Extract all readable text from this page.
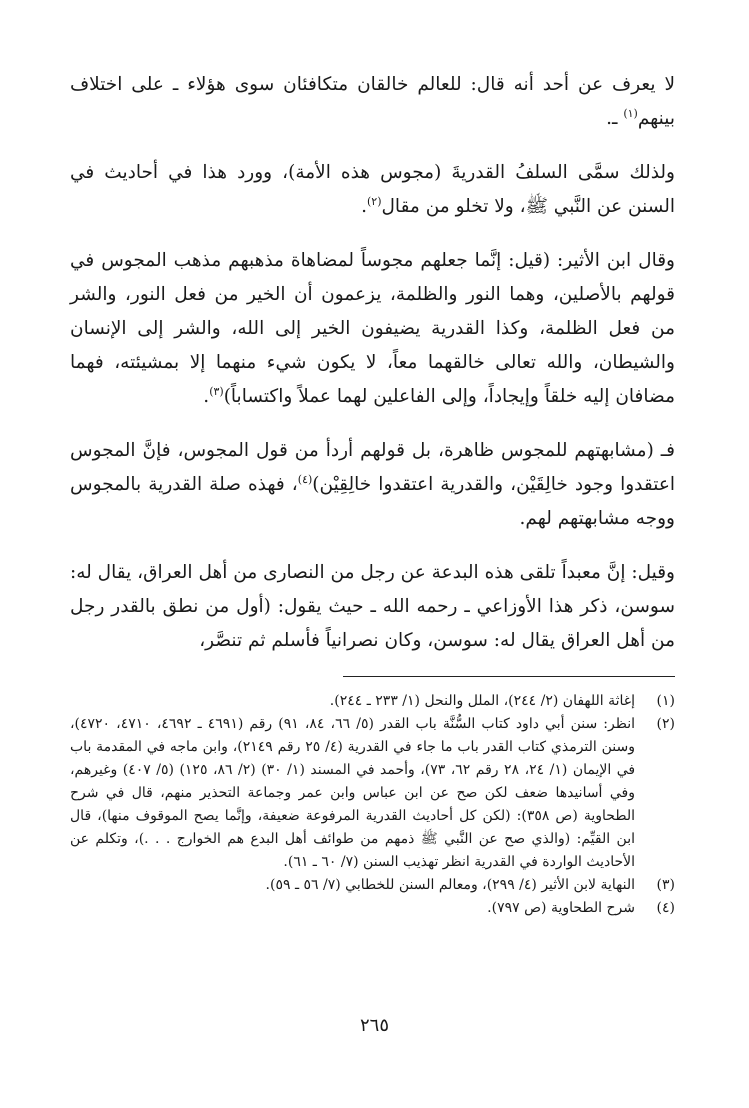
لا يعرف عن أحد أنه قال: للعالم خالقان متكافئان سوى هؤلاء ـ على اختلاف بينهم$^{(١)}$ ـ.

ولذلك سمَّى السلفُ القدريةَ (مجوس هذه الأمة)، وورد هذا في أحاديث في السنن عن النَّبي ﷺ، ولا تخلو من مقال$^{(٢)}$.

وقال ابن الأثير: (قيل: إنَّما جعلهم مجوساً لمضاهاة مذهبهم مذهب المجوس في قولهم بالأصلين، وهما النور والظلمة، يزعمون أن الخير من فعل النور، والشر من فعل الظلمة، وكذا القدرية يضيفون الخير إلى الله، والشر إلى الإنسان والشيطان، والله تعالى خالقهما معاً، لا يكون شيء منهما إلا بمشيئته، فهما مضافان إليه خلقاً وإيجاداً، وإلى الفاعلين لهما عملاً واكتساباً)$^{(٣)}$.

فـ (مشابهتهم للمجوس ظاهرة، بل قولهم أردأ من قول المجوس، فإنَّ المجوس اعتقدوا وجود خالِقَيْن، والقدرية اعتقدوا خالِقِيْن)$^{(٤)}$، فهذه صلة القدرية بالمجوس ووجه مشابهتهم لهم.

وقيل: إنَّ معبداً تلقى هذه البدعة عن رجل من النصارى من أهل العراق، يقال له: سوسن، ذكر هذا الأوزاعي ـ رحمه الله ـ حيث يقول: (أول من نطق بالقدر رجل من أهل العراق يقال له: سوسن، وكان نصرانياً فأسلم ثم تنصَّر،

(١)
إغاثة اللهفان (٢/ ٢٤٤)، الملل والنحل (١/ ٢٣٣ ـ ٢٤٤).
(٢)
انظر: سنن أبي داود كتاب السُّنَّة باب القدر (٥/ ٦٦، ٨٤، ٩١) رقم (٤٦٩١ ـ ٤٦٩٢، ٤٧١٠، ٤٧٢٠)، وسنن الترمذي كتاب القدر باب ما جاء في القدرية (٤/ ٢٥ رقم ٢١٤٩)، وابن ماجه في المقدمة باب في الإيمان (١/ ٢٤، ٢٨ رقم ٦٢، ٧٣)، وأحمد في المسند (١/ ٣٠) (٢/ ٨٦، ١٢٥) (٥/ ٤٠٧) وغيرهم، وفي أسانيدها ضعف لكن صح عن ابن عباس وابن عمر وجماعة التحذير منهم، قال في شرح الطحاوية (ص ٣٥٨): (لكن كل أحاديث القدرية المرفوعة ضعيفة، وإنَّما يصح الموقوف منها)، قال ابن القيِّم: (والذي صح عن النَّبي ﷺ ذمهم من طوائف أهل البدع هم الخوارج . . .)، وتكلم عن الأحاديث الواردة في القدرية انظر تهذيب السنن (٧/ ٦٠ ـ ٦١).
(٣)
النهاية لابن الأثير (٤/ ٢٩٩)، ومعالم السنن للخطابي (٧/ ٥٦ ـ ٥٩).
(٤)
شرح الطحاوية (ص ٧٩٧).
٢٦٥
